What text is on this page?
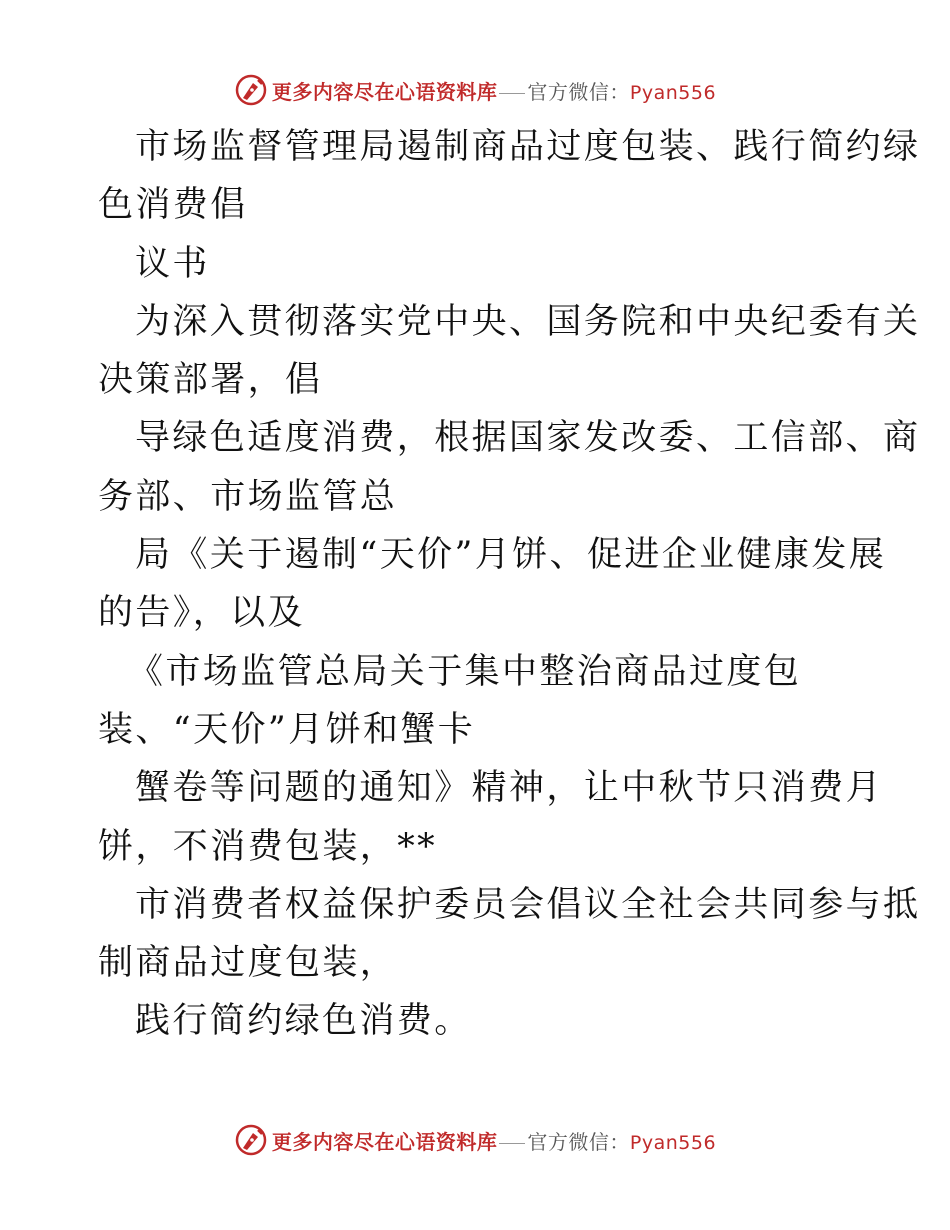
更多内容尽在心语资料库 官方微信：Pyan556
市场监督管理局遏制商品过度包装、践行简约绿
色消费倡
议书
为深入贯彻落实党中央、国务院和中央纪委有关
决策部署，倡
导绿色适度消费，根据国家发改委、工信部、商
务部、市场监管总
局《关于遏制“天价”月饼、促进企业健康发展
的告》，以及
《市场监管总局关于集中整治商品过度包
装、“天价”月饼和蟹卡
蟹卷等问题的通知》精神，让中秋节只消费月
饼，不消费包装，**
市消费者权益保护委员会倡议全社会共同参与抵
制商品过度包装，
践行简约绿色消费。
更多内容尽在心语资料库 官方微信：Pyan556
